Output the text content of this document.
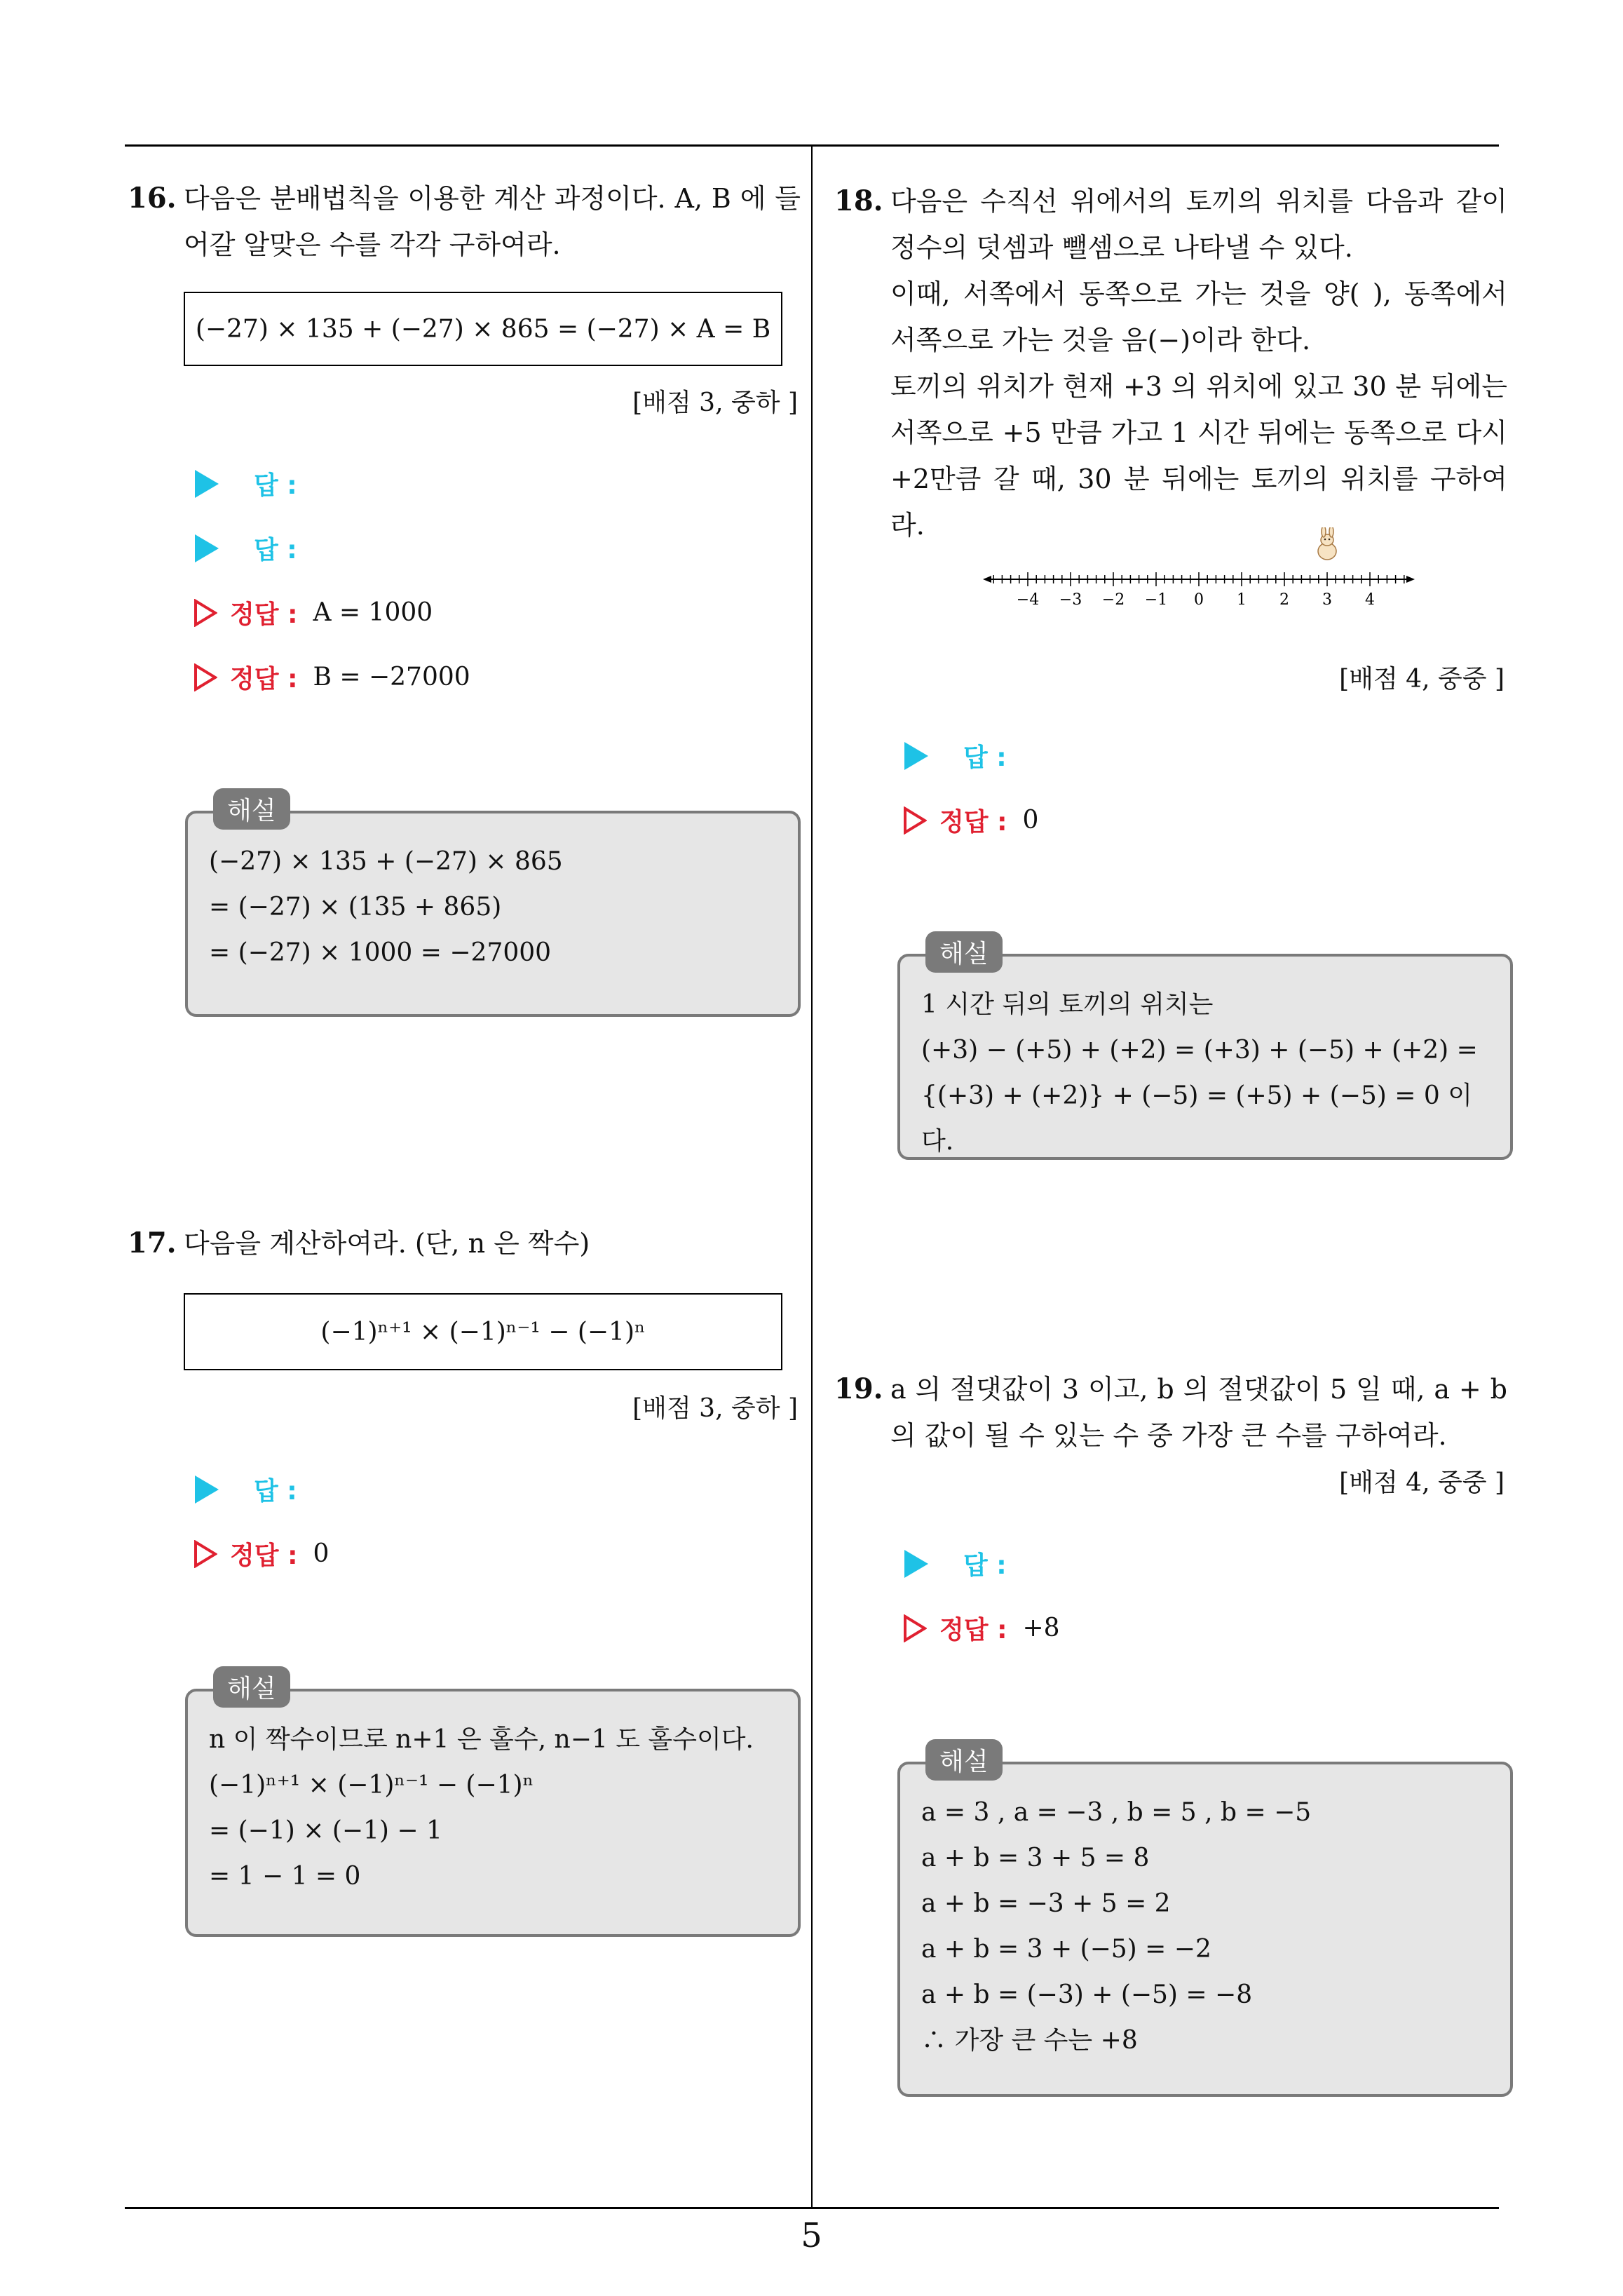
16. 다음은 분배법칙을 이용한 계산 과정이다. A, B 에 들어갈 알맞은 수를 각각 구하여라.
(−27) × 135 + (−27) × 865 = (−27) × A = B
[배점 3, 중하 ]
답 :
답 :
정답 : A = 1000
정답 : B = −27000
해설
(−27) × 135 + (−27) × 865
= (−27) × (135 + 865)
= (−27) × 1000 = −27000
17. 다음을 계산하여라. (단, n 은 짝수)
(−1)ⁿ⁺¹ × (−1)ⁿ⁻¹ − (−1)ⁿ
[배점 3, 중하 ]
답 :
정답 : 0
해설
n 이 짝수이므로 n+1 은 홀수, n−1 도 홀수이다.
(−1)ⁿ⁺¹ × (−1)ⁿ⁻¹ − (−1)ⁿ
= (−1) × (−1) − 1
= 1 − 1 = 0
18. 다음은 수직선 위에서의 토끼의 위치를 다음과 같이 정수의 덧셈과 뺄셈으로 나타낼 수 있다.
이때, 서쪽에서 동쪽으로 가는 것을 양( ), 동쪽에서 서쪽으로 가는 것을 음(−)이라 한다.
토끼의 위치가 현재 +3 의 위치에 있고 30 분 뒤에는 서쪽으로 +5 만큼 가고 1 시간 뒤에는 동쪽으로 다시 +2만큼 갈 때, 30 분 뒤에는 토끼의 위치를 구하여라.
−4 −3 −2 −1 0 1 2 3 4
[배점 4, 중중 ]
답 :
정답 : 0
해설
1 시간 뒤의 토끼의 위치는
(+3) − (+5) + (+2) = (+3) + (−5) + (+2) =
{(+3) + (+2)} + (−5) = (+5) + (−5) = 0 이다.
19. a 의 절댓값이 3 이고, b 의 절댓값이 5 일 때, a + b 의 값이 될 수 있는 수 중 가장 큰 수를 구하여라.
[배점 4, 중중 ]
답 :
정답 : +8
해설
a = 3 , a = −3 , b = 5 , b = −5
a + b = 3 + 5 = 8
a + b = −3 + 5 = 2
a + b = 3 + (−5) = −2
a + b = (−3) + (−5) = −8
∴ 가장 큰 수는 +8
5
